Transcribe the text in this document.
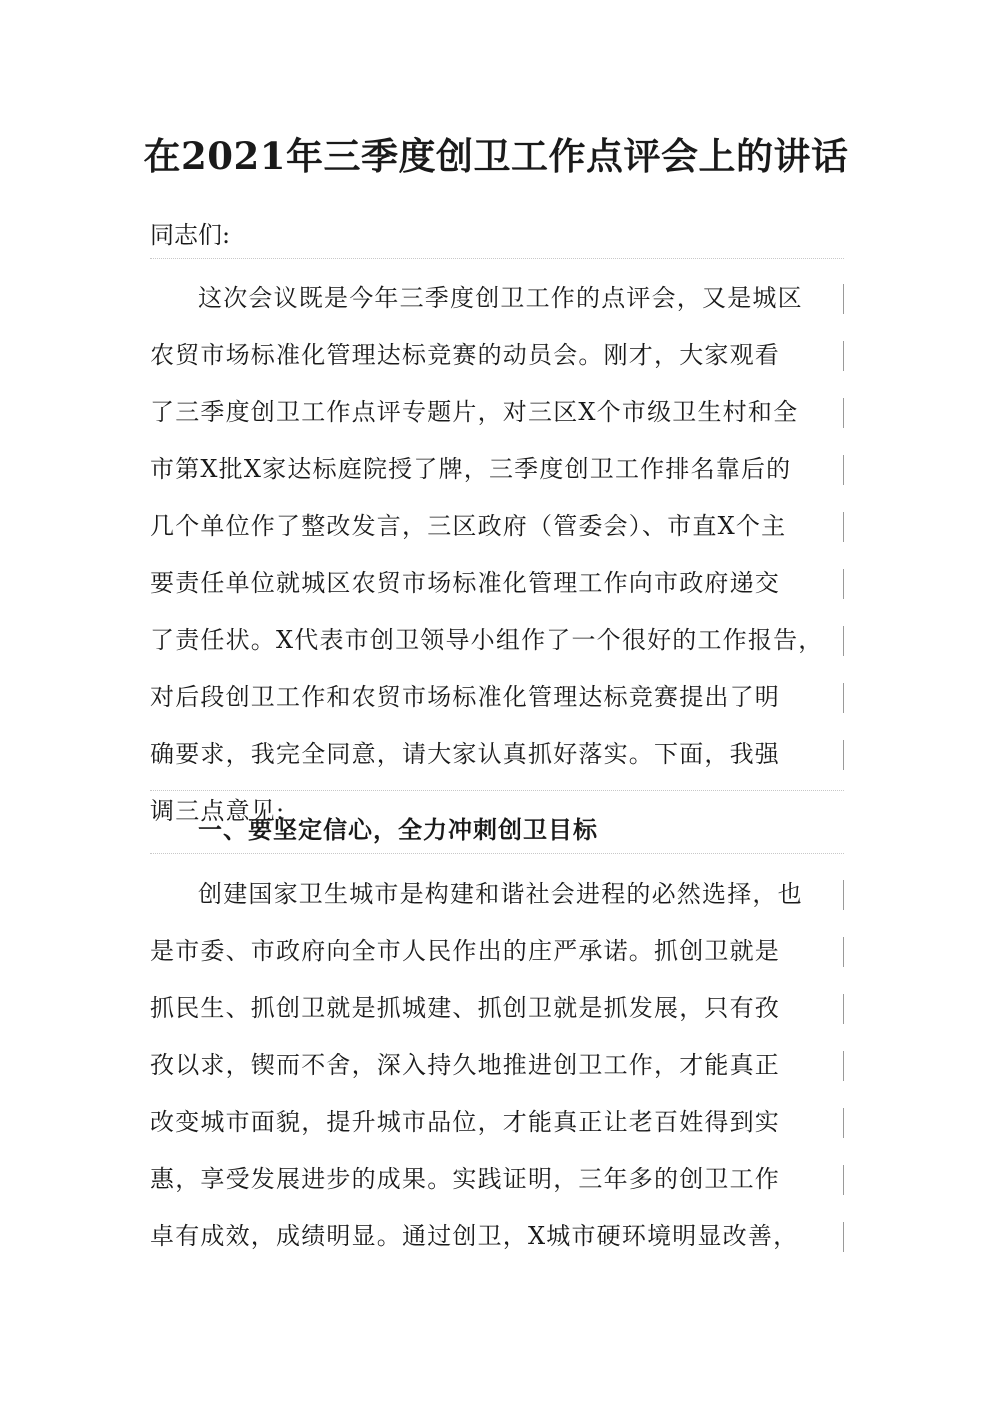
在2021年三季度创卫工作点评会上的讲话

同志们:

这次会议既是今年三季度创卫工作的点评会，又是城区
农贸市场标准化管理达标竞赛的动员会。刚才，大家观看
了三季度创卫工作点评专题片，对三区X个市级卫生村和全
市第X批X家达标庭院授了牌，三季度创卫工作排名靠后的
几个单位作了整改发言，三区政府（管委会）、市直X个主
要责任单位就城区农贸市场标准化管理工作向市政府递交
了责任状。X代表市创卫领导小组作了一个很好的工作报告，
对后段创卫工作和农贸市场标准化管理达标竞赛提出了明
确要求，我完全同意，请大家认真抓好落实。下面，我强
调三点意见:
一、要坚定信心，全力冲刺创卫目标
创建国家卫生城市是构建和谐社会进程的必然选择，也
是市委、市政府向全市人民作出的庄严承诺。抓创卫就是
抓民生、抓创卫就是抓城建、抓创卫就是抓发展，只有孜
孜以求，锲而不舍，深入持久地推进创卫工作，才能真正
改变城市面貌，提升城市品位，才能真正让老百姓得到实
惠，享受发展进步的成果。实践证明，三年多的创卫工作
卓有成效，成绩明显。通过创卫，X城市硬环境明显改善，
